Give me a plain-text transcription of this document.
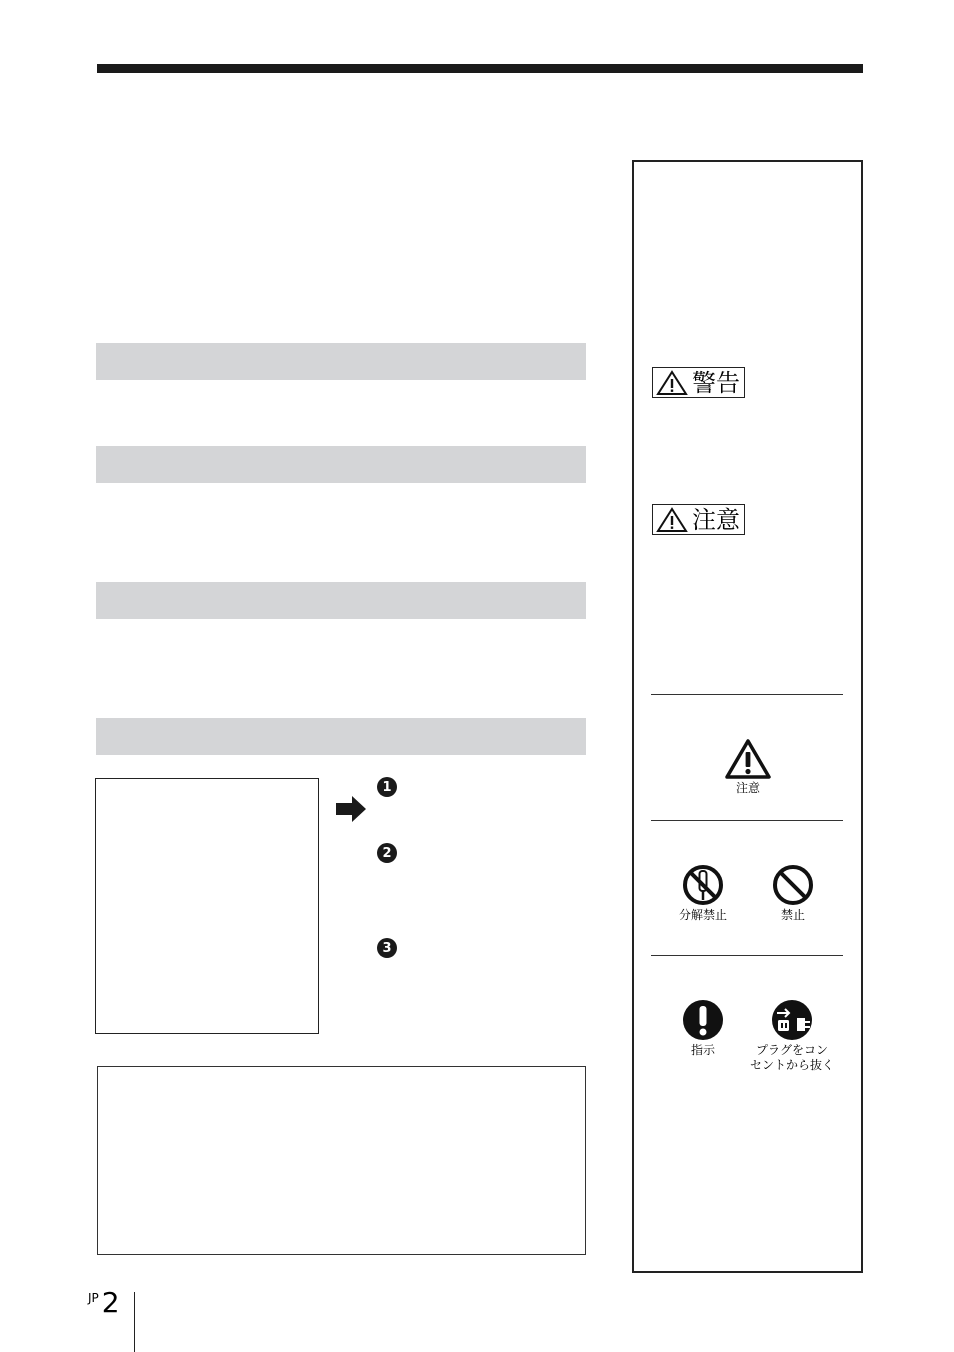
1
2
3
警告
注意
注意
分解禁止	禁止
指示	プラグをコン
セントから抜く
JP 2
